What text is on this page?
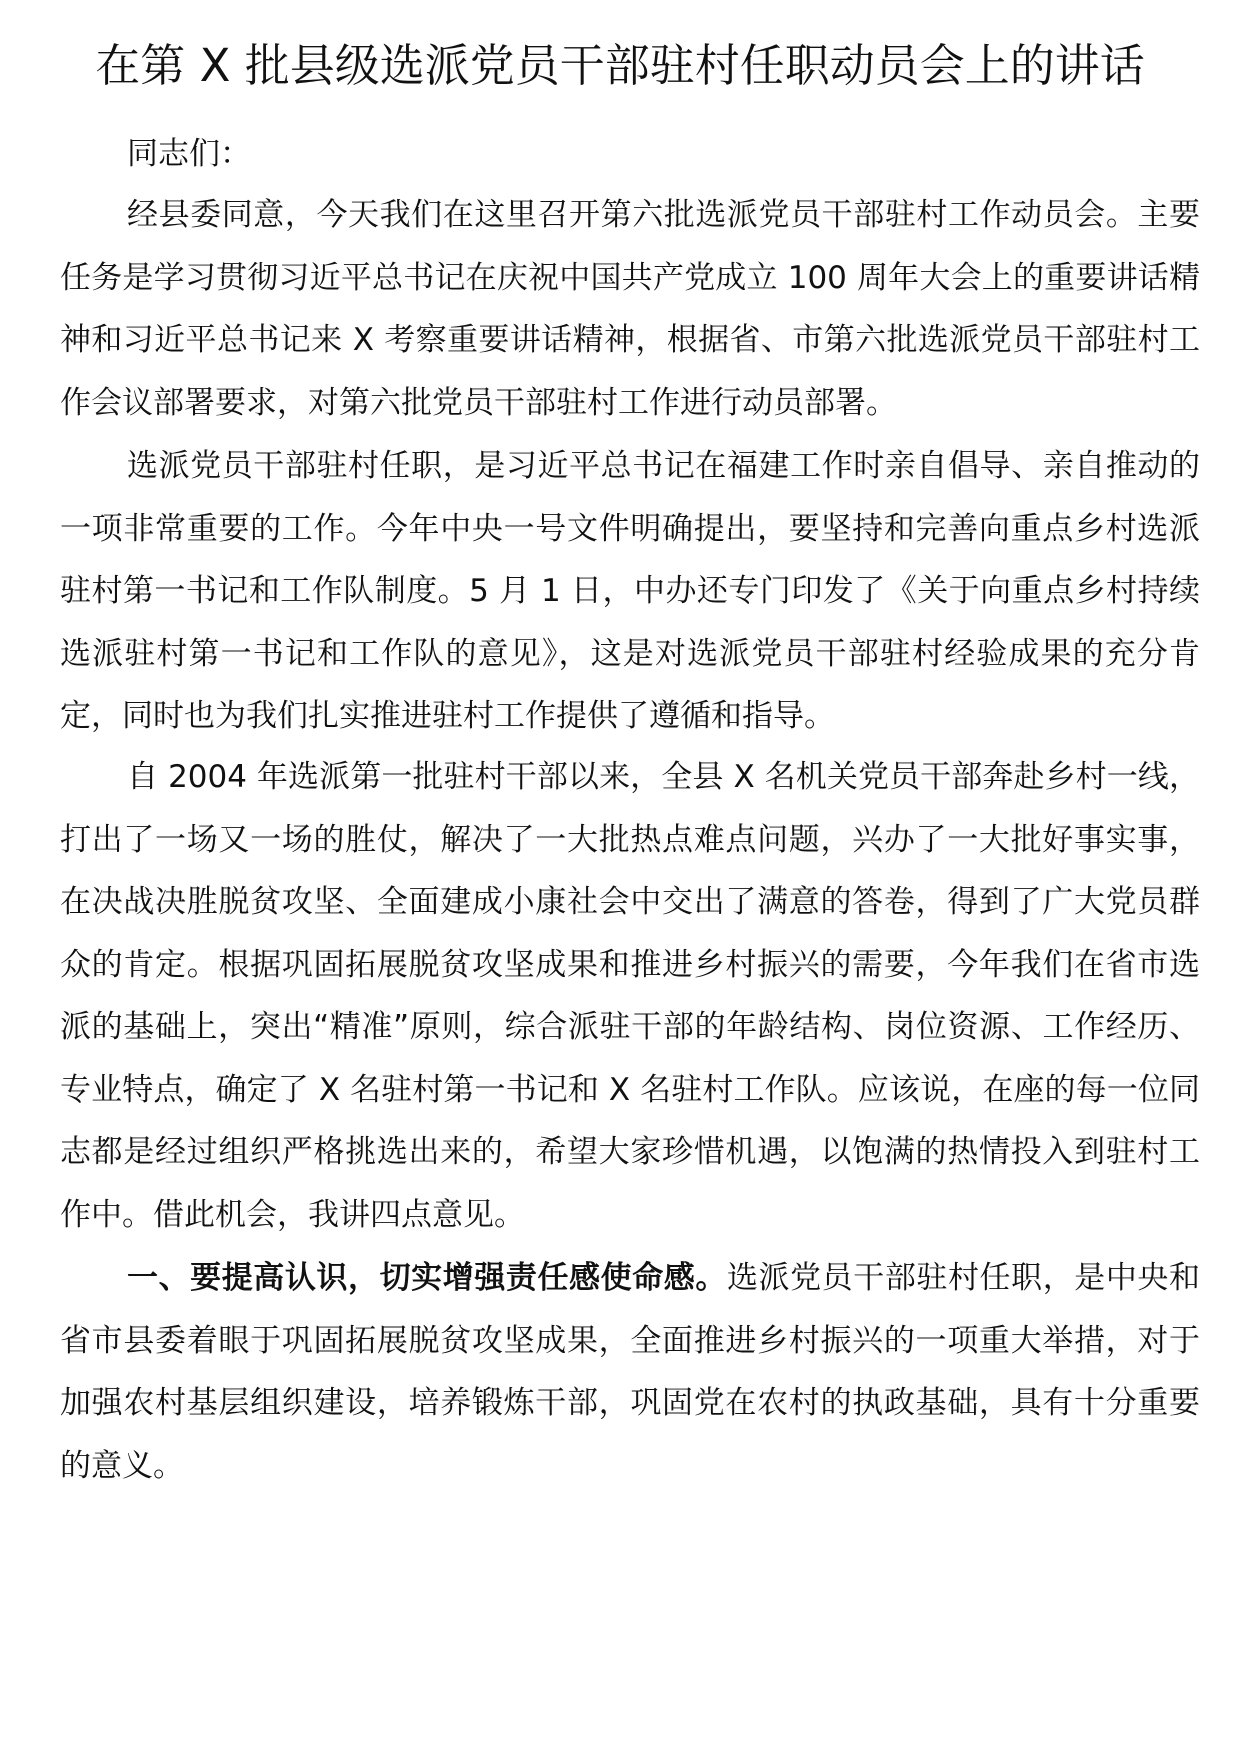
在第 X 批县级选派党员干部驻村任职动员会上的讲话
同志们：

经县委同意，今天我们在这里召开第六批选派党员干部驻村工作动员会。主要任务是学习贯彻习近平总书记在庆祝中国共产党成立 100 周年大会上的重要讲话精神和习近平总书记来 X 考察重要讲话精神，根据省、市第六批选派党员干部驻村工作会议部署要求，对第六批党员干部驻村工作进行动员部署。

选派党员干部驻村任职，是习近平总书记在福建工作时亲自倡导、亲自推动的一项非常重要的工作。今年中央一号文件明确提出，要坚持和完善向重点乡村选派驻村第一书记和工作队制度。5 月 1 日，中办还专门印发了《关于向重点乡村持续选派驻村第一书记和工作队的意见》，这是对选派党员干部驻村经验成果的充分肯定，同时也为我们扎实推进驻村工作提供了遵循和指导。

自 2004 年选派第一批驻村干部以来，全县 X 名机关党员干部奔赴乡村一线，打出了一场又一场的胜仗，解决了一大批热点难点问题，兴办了一大批好事实事，在决战决胜脱贫攻坚、全面建成小康社会中交出了满意的答卷，得到了广大党员群众的肯定。根据巩固拓展脱贫攻坚成果和推进乡村振兴的需要，今年我们在省市选派的基础上，突出“精准”原则，综合派驻干部的年龄结构、岗位资源、工作经历、专业特点，确定了 X 名驻村第一书记和 X 名驻村工作队。应该说，在座的每一位同志都是经过组织严格挑选出来的，希望大家珍惜机遇，以饱满的热情投入到驻村工作中。借此机会，我讲四点意见。

一、要提高认识，切实增强责任感使命感。选派党员干部驻村任职，是中央和省市县委着眼于巩固拓展脱贫攻坚成果，全面推进乡村振兴的一项重大举措，对于加强农村基层组织建设，培养锻炼干部，巩固党在农村的执政基础，具有十分重要的意义。
